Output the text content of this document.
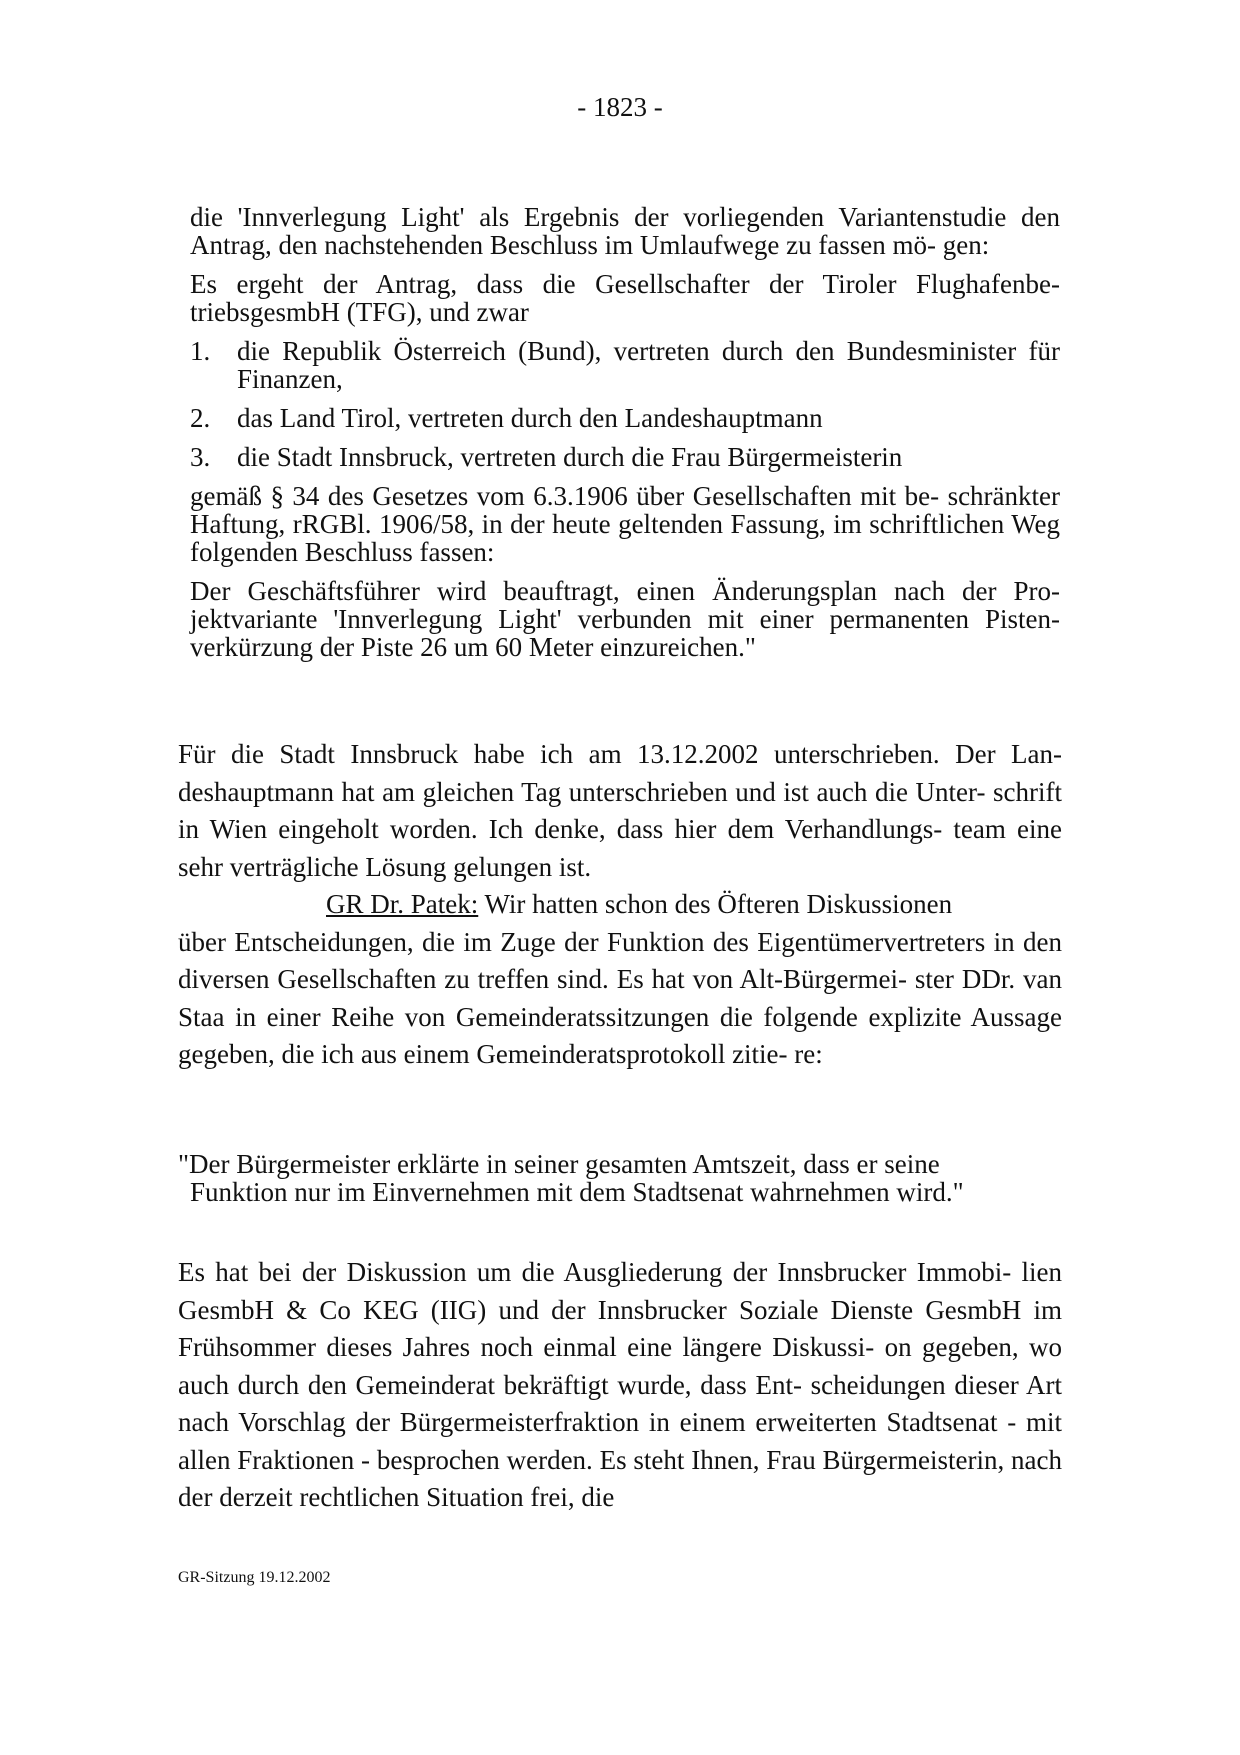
- 1823 -

die 'Innverlegung Light' als Ergebnis der vorliegenden Variantenstudie den Antrag, den nachstehenden Beschluss im Umlaufwege zu fassen mö- gen:

Es ergeht der Antrag, dass die Gesellschafter der Tiroler Flughafenbe- triebsgesmbH (TFG), und zwar

1. die Republik Österreich (Bund), vertreten durch den Bundesminister für Finanzen,
2. das Land Tirol, vertreten durch den Landeshauptmann
3. die Stadt Innsbruck, vertreten durch die Frau Bürgermeisterin

gemäß § 34 des Gesetzes vom 6.3.1906 über Gesellschaften mit be- schränkter Haftung, rRGBl. 1906/58, in der heute geltenden Fassung, im schriftlichen Weg folgenden Beschluss fassen:

Der Geschäftsführer wird beauftragt, einen Änderungsplan nach der Pro- jektvariante 'Innverlegung Light' verbunden mit einer permanenten Pisten- verkürzung der Piste 26 um 60 Meter einzureichen."

Für die Stadt Innsbruck habe ich am 13.12.2002 unterschrieben. Der Lan- deshauptmann hat am gleichen Tag unterschrieben und ist auch die Unter- schrift in Wien eingeholt worden. Ich denke, dass hier dem Verhandlungs- team eine sehr verträgliche Lösung gelungen ist.

GR Dr. Patek: Wir hatten schon des Öfteren Diskussionen

über Entscheidungen, die im Zuge der Funktion des Eigentümervertreters in den diversen Gesellschaften zu treffen sind. Es hat von Alt-Bürgermei- ster DDr. van Staa in einer Reihe von Gemeinderatssitzungen die folgende explizite Aussage gegeben, die ich aus einem Gemeinderatsprotokoll zitie- re:

"Der Bürgermeister erklärte in seiner gesamten Amtszeit, dass er seine

Funktion nur im Einvernehmen mit dem Stadtsenat wahrnehmen wird."

Es hat bei der Diskussion um die Ausgliederung der Innsbrucker Immobi- lien GesmbH & Co KEG (IIG) und der Innsbrucker Soziale Dienste GesmbH im Frühsommer dieses Jahres noch einmal eine längere Diskussi- on gegeben, wo auch durch den Gemeinderat bekräftigt wurde, dass Ent- scheidungen dieser Art nach Vorschlag der Bürgermeisterfraktion in einem erweiterten Stadtsenat - mit allen Fraktionen - besprochen werden. Es steht Ihnen, Frau Bürgermeisterin, nach der derzeit rechtlichen Situation frei, die

GR-Sitzung 19.12.2002
